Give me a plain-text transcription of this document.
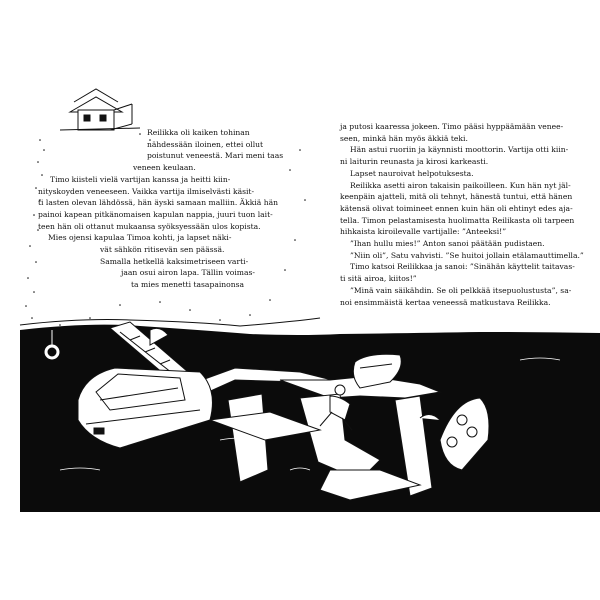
Reilikka oli kaiken tohinan
nähdessään iloinen, ettei ollut
poistunut veneestä. Mari meni taas
veneen keulaan.
Timo kiisteli vielä vartijan kanssa ja heitti kiin-
nityskoyden veneeseen. Vaikka vartija ilmiselvästi käsit-
ti lasten olevan lähdössä, hän äyski samaan malliin. Äkkiä hän
painoi kapean pitkänomaisen kapulan nappia, juuri tuon lait-
teen hän oli ottanut mukaansa syöksyessään ulos kopista.
Mies ojensi kapulaa Timoa kohti, ja lapset näki-
vät sähkön ritisevän sen päässä.
Samalla hetkellä kaksimetriseen varti-
jaan osui airon lapa. Tällin voimas-
ta mies menetti tasapainonsa
ja putosi kaaressa jokeen. Timo pääsi hyppäämään venee-
seen, minkä hän myös äkkiä teki.
Hän astui ruoriin ja käynnisti moottorin. Vartija otti kiin-
ni laiturin reunasta ja kirosi karkeasti.
Lapset nauroivat helpotuksesta.
Reilikka asetti airon takaisin paikoilleen. Kun hän nyt jäl-
keenpäin ajatteli, mitä oli tehnyt, hänestä tuntui, että hänen
kätensä olivat toimineet ennen kuin hän oli ehtinyt edes aja-
tella. Timon pelastamisesta huolimatta Reilikasta oli tarpeen
hihkaista kiroilevalle vartijalle: ”Anteeksi!”
”Ihan hullu mies!” Anton sanoi päätään pudistaen.
”Niin oli”, Satu vahvisti. ”Se huitoi jollain etälamauttimella.”
Timo katsoi Reilikkaa ja sanoi: ”Sinähän käyttelit taitavas-
ti sitä airoa, kiitos!”
”Minä vain säikähdin. Se oli pelkkää itsepuolustusta”, sa-
noi ensimmäistä kertaa veneessä matkustava Reilikka.
